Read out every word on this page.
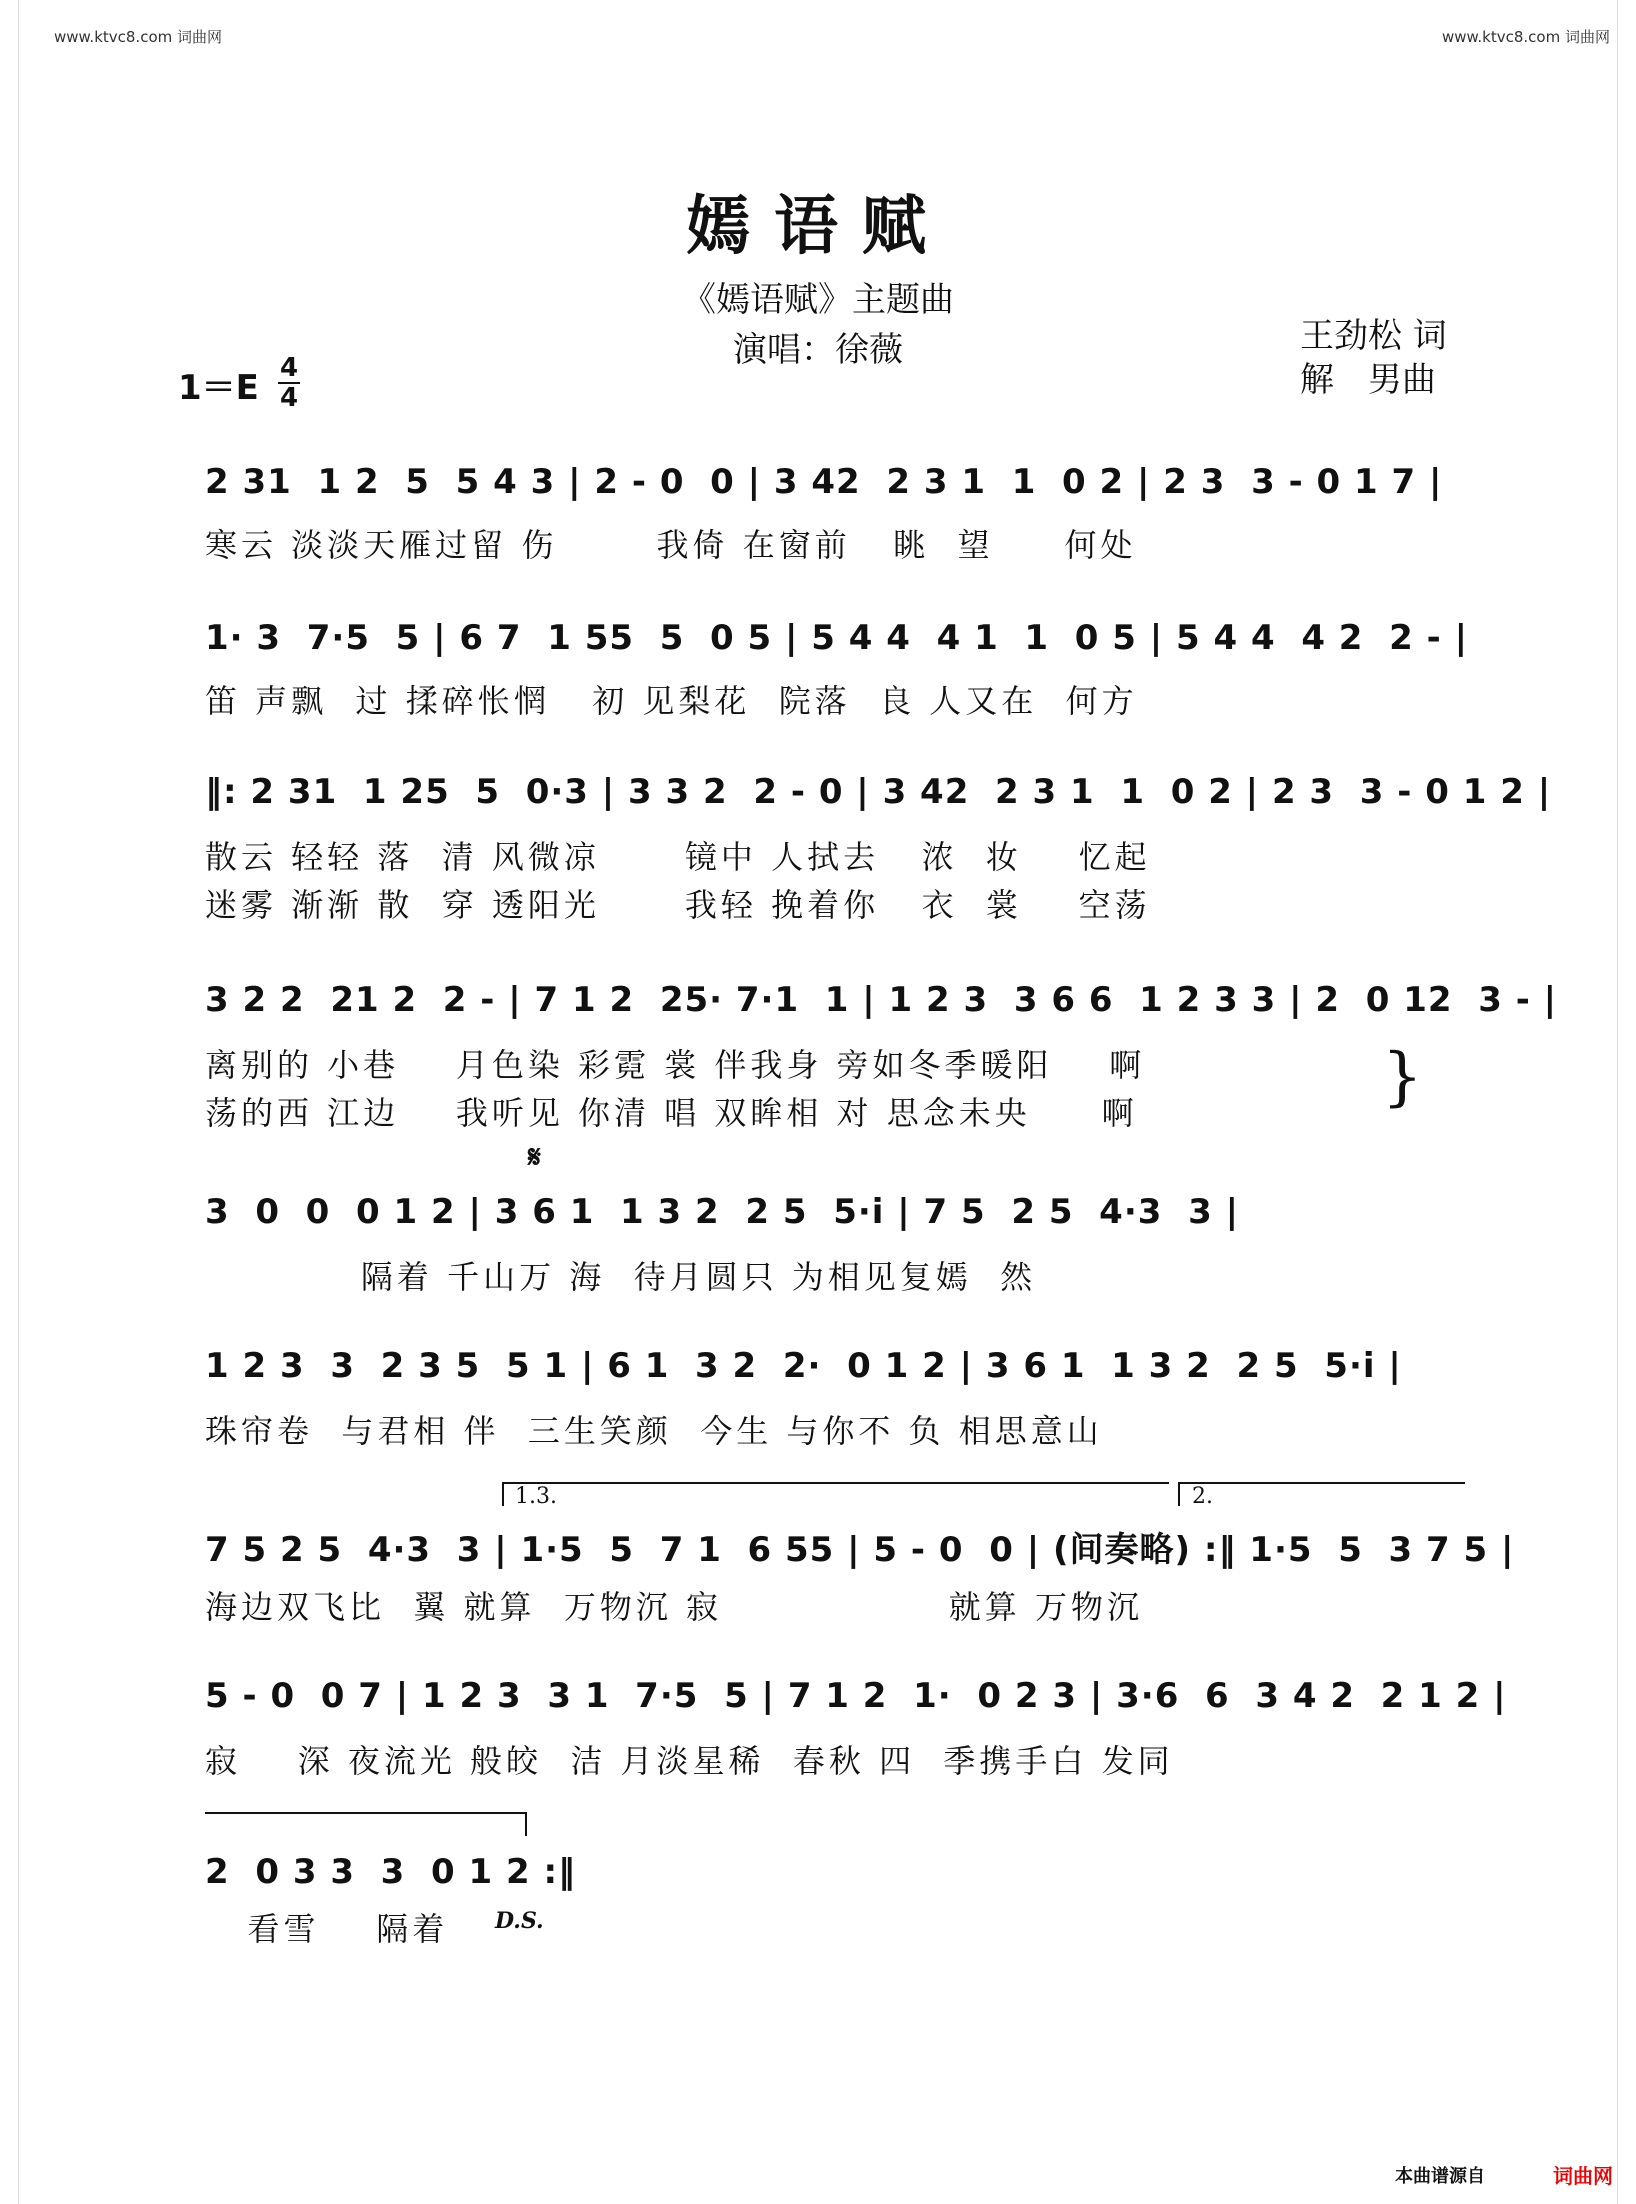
www.ktvc8.com 词曲网	www.ktvc8.com 词曲网
嫣语赋
《嫣语赋》主题曲
演唱：徐薇	王劲松 词
解　男曲
1＝E 4
4
2 31  1 2  5  5 4 3 | 2 - 0  0 | 3 42  2 3 1  1  0 2 | 2 3  3 - 0 1 7 |
寒云 淡淡天雁过留 伤       我倚 在窗前   眺  望     何处
1· 3  7·5  5 | 6 7  1 55  5  0 5 | 5 4 4  4 1  1  0 5 | 5 4 4  4 2  2 - |
笛 声飘  过 揉碎怅惘   初 见梨花  院落  良 人又在  何方
‖: 2 31  1 25  5  0·3 | 3 3 2  2 - 0 | 3 42  2 3 1  1  0 2 | 2 3  3 - 0 1 2 |
散云 轻轻 落  清 风微凉      镜中 人拭去   浓  妆    忆起
迷雾 渐渐 散  穿 透阳光      我轻 挽着你   衣  裳    空荡
3 2 2  21 2  2 - | 7 1 2  25· 7·1  1 | 1 2 3  3 6 6  1 2 3 3 | 2  0 12  3 - |
离别的 小巷    月色染 彩霓 裳 伴我身 旁如冬季暖阳    啊
荡的西 江边    我听见 你清 唱 双眸相 对 思念未央     啊	}
𝄋
3  0  0  0 1 2 | 3 6 1  1 3 2  2 5  5·i | 7 5  2 5  4·3  3 |
隔着 千山万 海  待月圆只 为相见复嫣  然
1 2 3  3  2 3 5  5 1 | 6 1  3 2  2·  0 1 2 | 3 6 1  1 3 2  2 5  5·i |
珠帘卷  与君相 伴  三生笑颜  今生 与你不 负 相思意山
1.3.	2.
7 5 2 5  4·3  3 | 1·5  5  7 1  6 55 | 5 - 0  0 | (间奏略) :‖ 1·5  5  3 7 5 |
海边双飞比  翼 就算  万物沉 寂                就算 万物沉
5 - 0  0 7 | 1 2 3  3 1  7·5  5 | 7 1 2  1·  0 2 3 | 3·6  6  3 4 2  2 1 2 |
寂    深 夜流光 般皎  洁 月淡星稀  春秋 四  季携手白 发同
2  0 3 3  3  0 1 2 :‖
看雪    隔着	D.S.
本曲谱源自	词曲网
